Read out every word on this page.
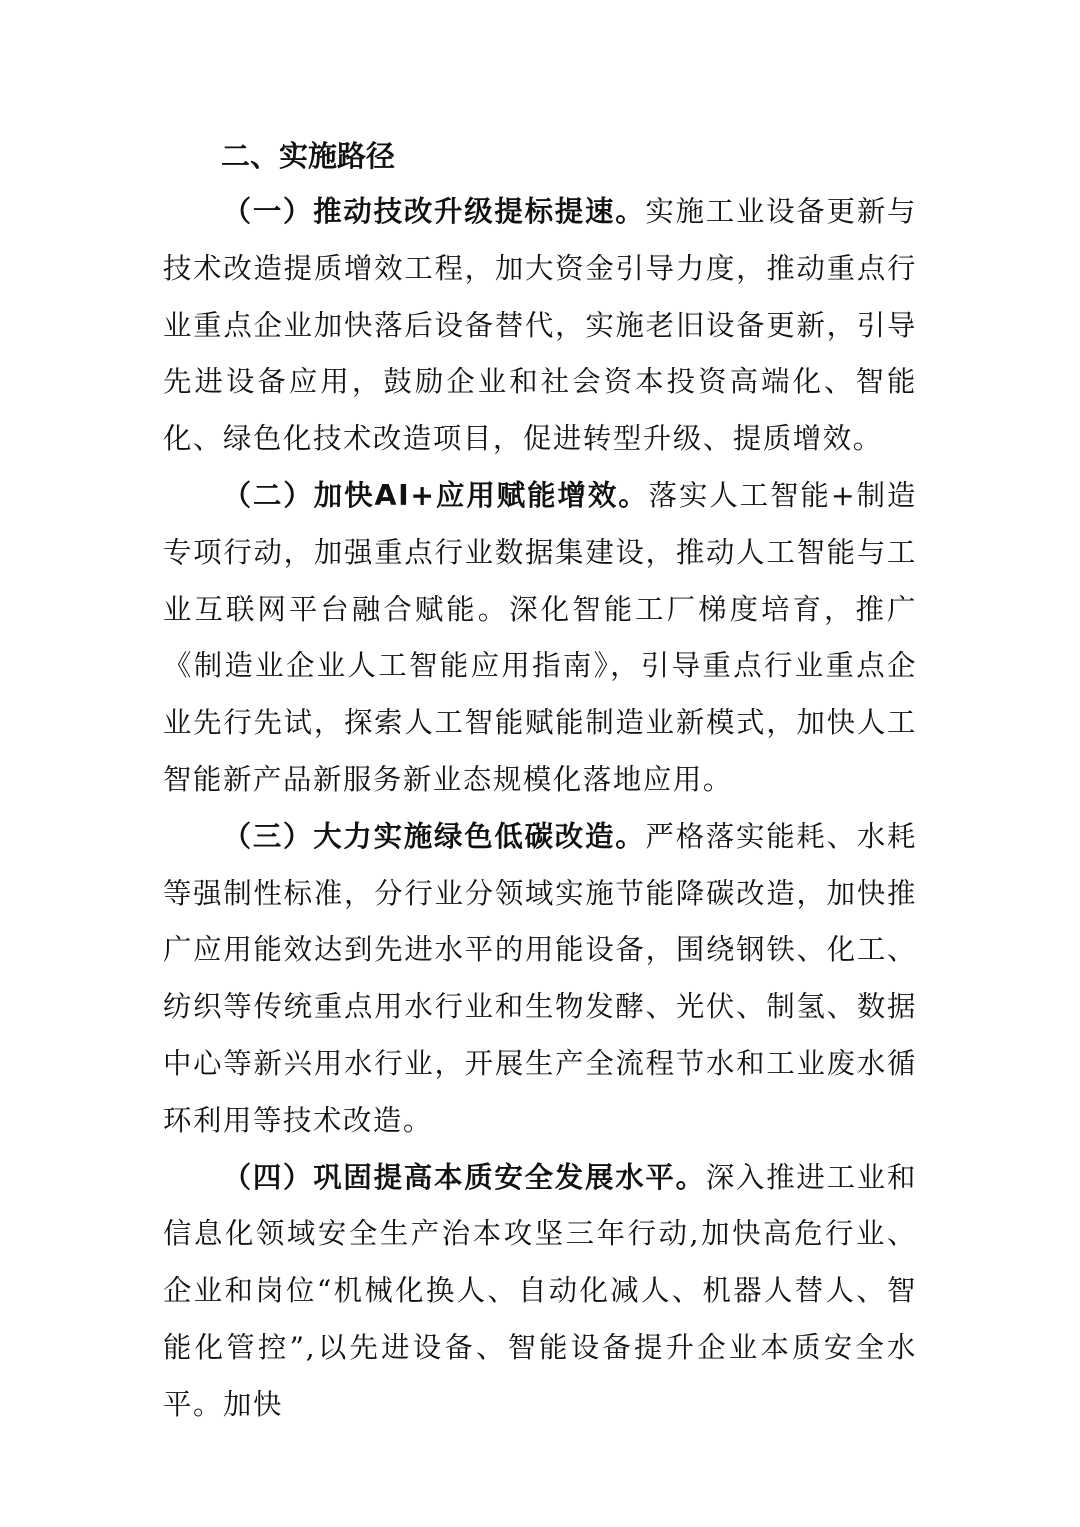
二、实施路径

（一）推动技改升级提标提速。实施工业设备更新与技术改造提质增效工程，加大资金引导力度，推动重点行业重点企业加快落后设备替代，实施老旧设备更新，引导先进设备应用，鼓励企业和社会资本投资高端化、智能化、绿色化技术改造项目，促进转型升级、提质增效。

（二）加快AI+应用赋能增效。落实人工智能+制造专项行动，加强重点行业数据集建设，推动人工智能与工业互联网平台融合赋能。深化智能工厂梯度培育，推广《制造业企业人工智能应用指南》，引导重点行业重点企业先行先试，探索人工智能赋能制造业新模式，加快人工智能新产品新服务新业态规模化落地应用。

（三）大力实施绿色低碳改造。严格落实能耗、水耗等强制性标准，分行业分领域实施节能降碳改造，加快推广应用能效达到先进水平的用能设备，围绕钢铁、化工、纺织等传统重点用水行业和生物发酵、光伏、制氢、数据中心等新兴用水行业，开展生产全流程节水和工业废水循环利用等技术改造。

（四）巩固提高本质安全发展水平。深入推进工业和信息化领域安全生产治本攻坚三年行动,加快高危行业、企业和岗位“机械化换人、自动化减人、机器人替人、智能化管控”,以先进设备、智能设备提升企业本质安全水平。加快
